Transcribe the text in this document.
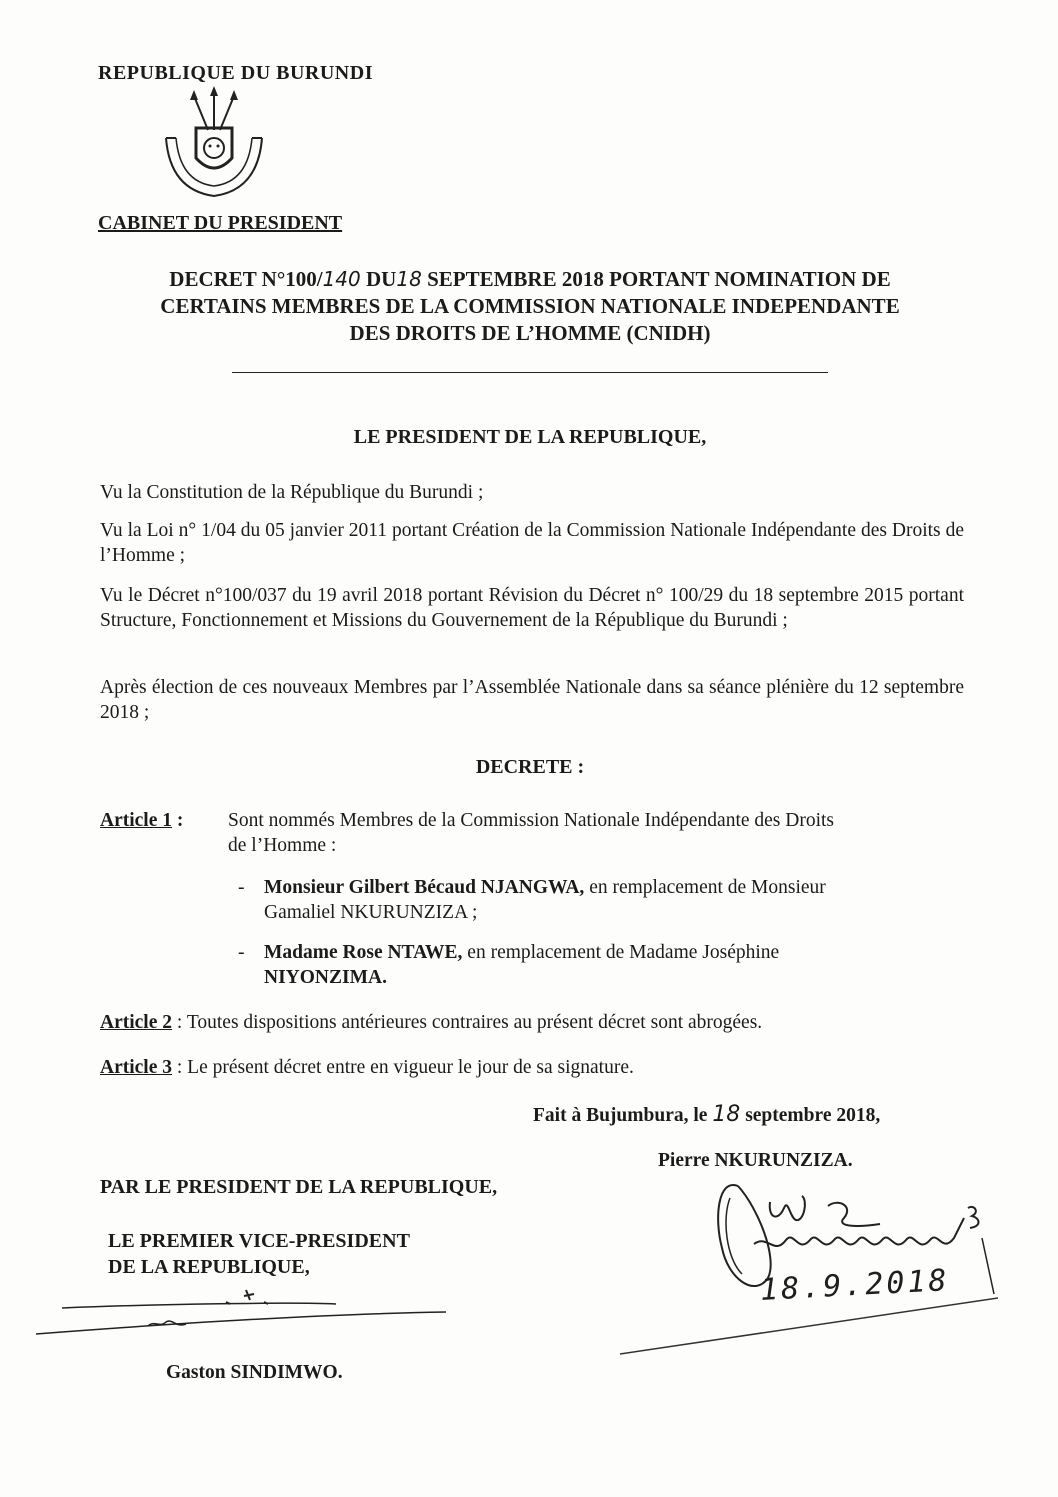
REPUBLIQUE DU BURUNDI
CABINET DU PRESIDENT
DECRET N°100/140 DU18 SEPTEMBRE 2018 PORTANT NOMINATION DE
CERTAINS MEMBRES DE LA COMMISSION NATIONALE INDEPENDANTE
DES DROITS DE L’HOMME (CNIDH)
LE PRESIDENT DE LA REPUBLIQUE,
Vu la Constitution de la République du Burundi ;
Vu la Loi n° 1/04 du 05 janvier 2011 portant Création de la Commission Nationale Indépendante des Droits de l’Homme ;
Vu le Décret n°100/037 du 19 avril 2018 portant Révision du Décret n° 100/29 du 18 septembre 2015 portant Structure, Fonctionnement et Missions du Gouvernement de la République du Burundi ;
Après élection de ces nouveaux Membres par l’Assemblée Nationale dans sa séance plénière du 12 septembre 2018 ;
DECRETE :
Article 1 : Sont nommés Membres de la Commission Nationale Indépendante des Droits
de l’Homme :
- Monsieur Gilbert Bécaud NJANGWA, en remplacement de Monsieur
Gamaliel NKURUNZIZA ;
- Madame Rose NTAWE, en remplacement de Madame Joséphine
NIYONZIMA.
Article 2 : Toutes dispositions antérieures contraires au présent décret sont abrogées.
Article 3 : Le présent décret entre en vigueur le jour de sa signature.
Fait à Bujumbura, le 18 septembre 2018,
Pierre NKURUNZIZA.
18.9.2018
PAR LE PRESIDENT DE LA REPUBLIQUE,
LE PREMIER VICE-PRESIDENT
DE LA REPUBLIQUE,
Gaston SINDIMWO.
